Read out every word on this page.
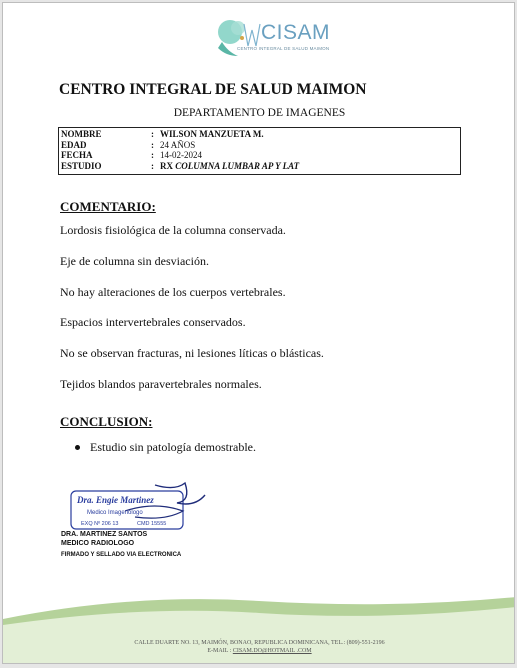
CISAM
CENTRO INTEGRAL DE SALUD MAIMON
CENTRO INTEGRAL DE SALUD MAIMON
DEPARTAMENTO DE IMAGENES
NOMBRE	: WILSON MANZUETA M.
EDAD	: 24 AÑOS
FECHA	: 14-02-2024
ESTUDIO	: RX COLUMNA LUMBAR AP Y LAT
COMENTARIO:

Lordosis fisiológica de la columna conservada.

Eje de columna sin desviación.

No hay alteraciones de los cuerpos vertebrales.

Espacios intervertebrales conservados.

No se observan fracturas, ni lesiones líticas o blásticas.

Tejidos blandos paravertebrales normales.

CONCLUSION:
Estudio sin patología demostrable.
Dra. Engie Martinez
Medico Imagenologo
EXQ Nº 206 13	CMD 15555
DRA. MARTINEZ SANTOS
MEDICO RADIOLOGO
FIRMADO Y SELLADO VIA ELECTRONICA
CALLE DUARTE NO. 13, MAIMÓN, BONAO, REPUBLICA DOMINICANA, TEL.: (809)-551-2196
E-MAIL : CISAM.DO@HOTMAIL .COM
